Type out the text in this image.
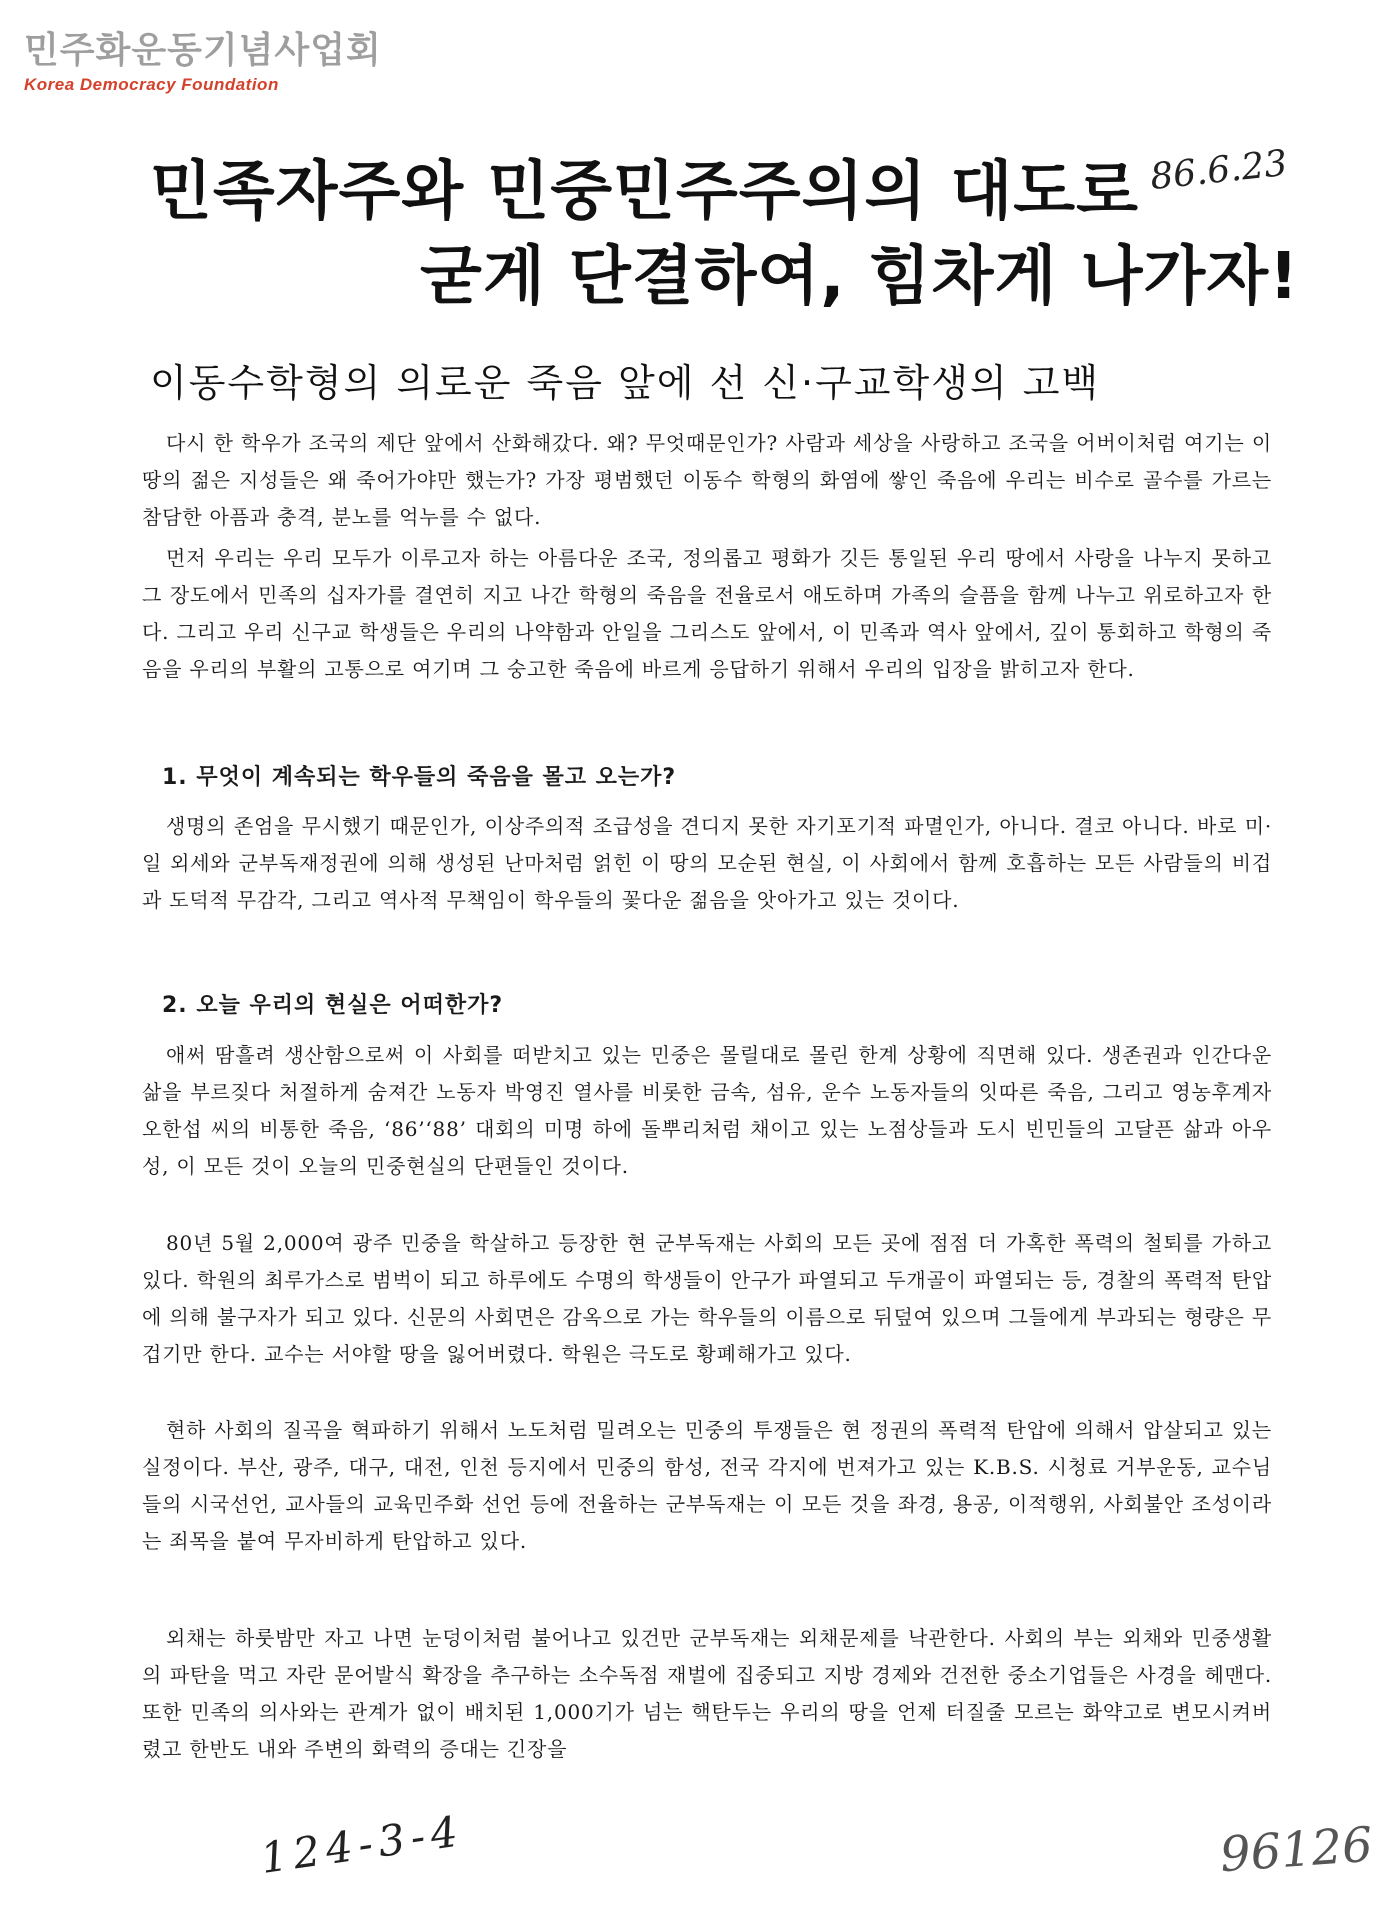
민주화운동기념사업회
Korea Democracy Foundation
86.6.23
민족자주와 민중민주주의의 대도로
굳게 단결하여, 힘차게 나가자!
이동수학형의 의로운 죽음 앞에 선 신·구교학생의 고백

다시 한 학우가 조국의 제단 앞에서 산화해갔다. 왜? 무엇때문인가? 사람과 세상을 사랑하고 조국을 어버이처럼 여기는 이 땅의 젊은 지성들은 왜 죽어가야만 했는가? 가장 평범했던 이동수 학형의 화염에 쌓인 죽음에 우리는 비수로 골수를 가르는 참담한 아픔과 충격, 분노를 억누를 수 없다.

먼저 우리는 우리 모두가 이루고자 하는 아름다운 조국, 정의롭고 평화가 깃든 통일된 우리 땅에서 사랑을 나누지 못하고 그 장도에서 민족의 십자가를 결연히 지고 나간 학형의 죽음을 전율로서 애도하며 가족의 슬픔을 함께 나누고 위로하고자 한다. 그리고 우리 신구교 학생들은 우리의 나약함과 안일을 그리스도 앞에서, 이 민족과 역사 앞에서, 깊이 통회하고 학형의 죽음을 우리의 부활의 고통으로 여기며 그 숭고한 죽음에 바르게 응답하기 위해서 우리의 입장을 밝히고자 한다.

1. 무엇이 계속되는 학우들의 죽음을 몰고 오는가?

생명의 존엄을 무시했기 때문인가, 이상주의적 조급성을 견디지 못한 자기포기적 파멸인가, 아니다. 결코 아니다. 바로 미·일 외세와 군부독재정권에 의해 생성된 난마처럼 얽힌 이 땅의 모순된 현실, 이 사회에서 함께 호흡하는 모든 사람들의 비겁과 도덕적 무감각, 그리고 역사적 무책임이 학우들의 꽃다운 젊음을 앗아가고 있는 것이다.

2. 오늘 우리의 현실은 어떠한가?

애써 땀흘려 생산함으로써 이 사회를 떠받치고 있는 민중은 몰릴대로 몰린 한계 상황에 직면해 있다. 생존권과 인간다운 삶을 부르짖다 처절하게 숨져간 노동자 박영진 열사를 비롯한 금속, 섬유, 운수 노동자들의 잇따른 죽음, 그리고 영농후계자 오한섭 씨의 비통한 죽음, ‘86’‘88’ 대회의 미명 하에 돌뿌리처럼 채이고 있는 노점상들과 도시 빈민들의 고달픈 삶과 아우성, 이 모든 것이 오늘의 민중현실의 단편들인 것이다.

80년 5월 2,000여 광주 민중을 학살하고 등장한 현 군부독재는 사회의 모든 곳에 점점 더 가혹한 폭력의 철퇴를 가하고 있다. 학원의 최루가스로 범벅이 되고 하루에도 수명의 학생들이 안구가 파열되고 두개골이 파열되는 등, 경찰의 폭력적 탄압에 의해 불구자가 되고 있다. 신문의 사회면은 감옥으로 가는 학우들의 이름으로 뒤덮여 있으며 그들에게 부과되는 형량은 무겁기만 한다. 교수는 서야할 땅을 잃어버렸다. 학원은 극도로 황폐해가고 있다.

현하 사회의 질곡을 혁파하기 위해서 노도처럼 밀려오는 민중의 투쟁들은 현 정권의 폭력적 탄압에 의해서 압살되고 있는 실정이다. 부산, 광주, 대구, 대전, 인천 등지에서 민중의 함성, 전국 각지에 번져가고 있는 K.B.S. 시청료 거부운동, 교수님들의 시국선언, 교사들의 교육민주화 선언 등에 전율하는 군부독재는 이 모든 것을 좌경, 용공, 이적행위, 사회불안 조성이라는 죄목을 붙여 무자비하게 탄압하고 있다.

외채는 하룻밤만 자고 나면 눈덩이처럼 불어나고 있건만 군부독재는 외채문제를 낙관한다. 사회의 부는 외채와 민중생활의 파탄을 먹고 자란 문어발식 확장을 추구하는 소수독점 재벌에 집중되고 지방 경제와 건전한 중소기업들은 사경을 헤맨다. 또한 민족의 의사와는 관계가 없이 배치된 1,000기가 넘는 핵탄두는 우리의 땅을 언제 터질줄 모르는 화약고로 변모시켜버렸고 한반도 내와 주변의 화력의 증대는 긴장을

124-3-4	96126
